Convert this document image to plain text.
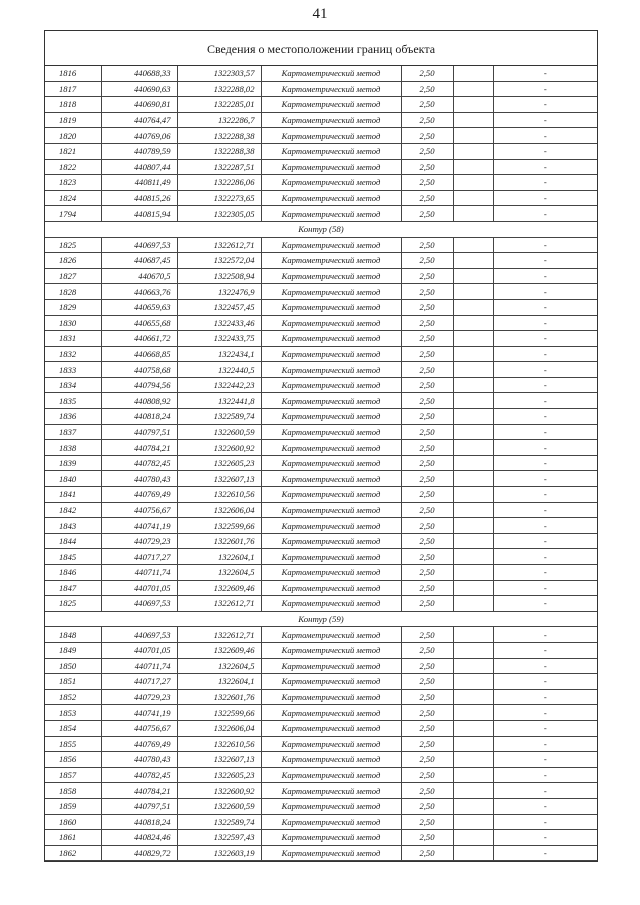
41
Сведения о местоположении границ объекта
1816	440688,33	1322303,57	Картометрический метод	2,50		-
1817	440690,63	1322288,02	Картометрический метод	2,50		-
1818	440690,81	1322285,01	Картометрический метод	2,50		-
1819	440764,47	1322286,7	Картометрический метод	2,50		-
1820	440769,06	1322288,38	Картометрический метод	2,50		-
1821	440789,59	1322288,38	Картометрический метод	2,50		-
1822	440807,44	1322287,51	Картометрический метод	2,50		-
1823	440811,49	1322286,06	Картометрический метод	2,50		-
1824	440815,26	1322273,65	Картометрический метод	2,50		-
1794	440815,94	1322305,05	Картометрический метод	2,50		-
Контур (58)						
1825	440697,53	1322612,71	Картометрический метод	2,50		-
1826	440687,45	1322572,04	Картометрический метод	2,50		-
1827	440670,5	1322508,94	Картометрический метод	2,50		-
1828	440663,76	1322476,9	Картометрический метод	2,50		-
1829	440659,63	1322457,45	Картометрический метод	2,50		-
1830	440655,68	1322433,46	Картометрический метод	2,50		-
1831	440661,72	1322433,75	Картометрический метод	2,50		-
1832	440668,85	1322434,1	Картометрический метод	2,50		-
1833	440758,68	1322440,5	Картометрический метод	2,50		-
1834	440794,56	1322442,23	Картометрический метод	2,50		-
1835	440808,92	1322441,8	Картометрический метод	2,50		-
1836	440818,24	1322589,74	Картометрический метод	2,50		-
1837	440797,51	1322600,59	Картометрический метод	2,50		-
1838	440784,21	1322600,92	Картометрический метод	2,50		-
1839	440782,45	1322605,23	Картометрический метод	2,50		-
1840	440780,43	1322607,13	Картометрический метод	2,50		-
1841	440769,49	1322610,56	Картометрический метод	2,50		-
1842	440756,67	1322606,04	Картометрический метод	2,50		-
1843	440741,19	1322599,66	Картометрический метод	2,50		-
1844	440729,23	1322601,76	Картометрический метод	2,50		-
1845	440717,27	1322604,1	Картометрический метод	2,50		-
1846	440711,74	1322604,5	Картометрический метод	2,50		-
1847	440701,05	1322609,46	Картометрический метод	2,50		-
1825	440697,53	1322612,71	Картометрический метод	2,50		-
Контур (59)						
1848	440697,53	1322612,71	Картометрический метод	2,50		-
1849	440701,05	1322609,46	Картометрический метод	2,50		-
1850	440711,74	1322604,5	Картометрический метод	2,50		-
1851	440717,27	1322604,1	Картометрический метод	2,50		-
1852	440729,23	1322601,76	Картометрический метод	2,50		-
1853	440741,19	1322599,66	Картометрический метод	2,50		-
1854	440756,67	1322606,04	Картометрический метод	2,50		-
1855	440769,49	1322610,56	Картометрический метод	2,50		-
1856	440780,43	1322607,13	Картометрический метод	2,50		-
1857	440782,45	1322605,23	Картометрический метод	2,50		-
1858	440784,21	1322600,92	Картометрический метод	2,50		-
1859	440797,51	1322600,59	Картометрический метод	2,50		-
1860	440818,24	1322589,74	Картометрический метод	2,50		-
1861	440824,46	1322597,43	Картометрический метод	2,50		-
1862	440829,72	1322603,19	Картометрический метод	2,50		-
